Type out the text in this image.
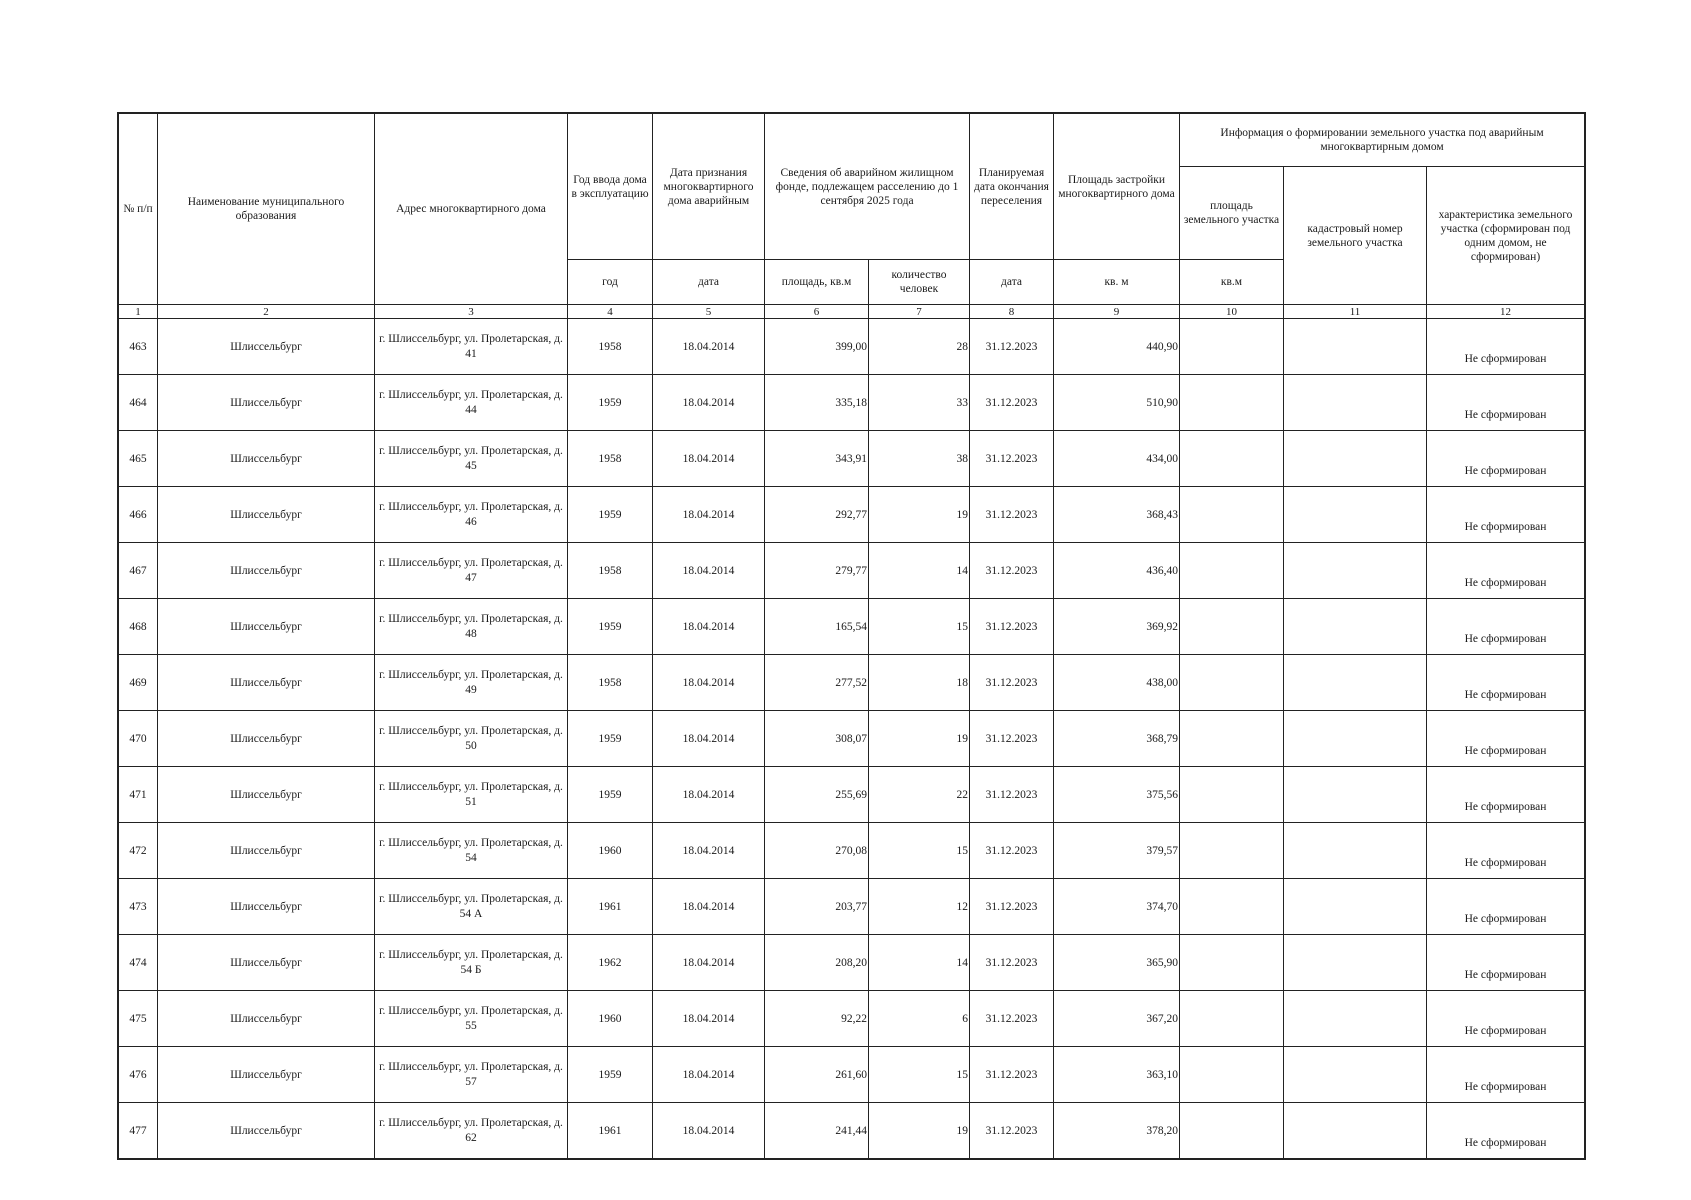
№ п/п	Наименование муниципального образования	Адрес многоквартирного дома	Год ввода дома в эксплуатацию	Дата признания многоквартирного дома аварийным	Сведения об аварийном жилищном фонде, подлежащем расселению до 1 сентября 2025 года		Планируемая дата окончания переселения	Площадь застройки многоквартирного дома	Информация о формировании земельного участка под аварийным многоквартирным домом		
									площадь земельного участка	кадастровый номер земельного участка	характеристика земельного участка (сформирован под одним домом, не сформирован)
			год	дата	площадь, кв.м	количество человек	дата	кв. м	кв.м		
1	2	3	4	5	6	7	8	9	10	11	12
463	Шлиссельбург	г. Шлиссельбург, ул. Пролетарская, д. 41	1958	18.04.2014	399,00	28	31.12.2023	440,90			Не сформирован
464	Шлиссельбург	г. Шлиссельбург, ул. Пролетарская, д. 44	1959	18.04.2014	335,18	33	31.12.2023	510,90			Не сформирован
465	Шлиссельбург	г. Шлиссельбург, ул. Пролетарская, д. 45	1958	18.04.2014	343,91	38	31.12.2023	434,00			Не сформирован
466	Шлиссельбург	г. Шлиссельбург, ул. Пролетарская, д. 46	1959	18.04.2014	292,77	19	31.12.2023	368,43			Не сформирован
467	Шлиссельбург	г. Шлиссельбург, ул. Пролетарская, д. 47	1958	18.04.2014	279,77	14	31.12.2023	436,40			Не сформирован
468	Шлиссельбург	г. Шлиссельбург, ул. Пролетарская, д. 48	1959	18.04.2014	165,54	15	31.12.2023	369,92			Не сформирован
469	Шлиссельбург	г. Шлиссельбург, ул. Пролетарская, д. 49	1958	18.04.2014	277,52	18	31.12.2023	438,00			Не сформирован
470	Шлиссельбург	г. Шлиссельбург, ул. Пролетарская, д. 50	1959	18.04.2014	308,07	19	31.12.2023	368,79			Не сформирован
471	Шлиссельбург	г. Шлиссельбург, ул. Пролетарская, д. 51	1959	18.04.2014	255,69	22	31.12.2023	375,56			Не сформирован
472	Шлиссельбург	г. Шлиссельбург, ул. Пролетарская, д. 54	1960	18.04.2014	270,08	15	31.12.2023	379,57			Не сформирован
473	Шлиссельбург	г. Шлиссельбург, ул. Пролетарская, д. 54 А	1961	18.04.2014	203,77	12	31.12.2023	374,70			Не сформирован
474	Шлиссельбург	г. Шлиссельбург, ул. Пролетарская, д. 54 Б	1962	18.04.2014	208,20	14	31.12.2023	365,90			Не сформирован
475	Шлиссельбург	г. Шлиссельбург, ул. Пролетарская, д. 55	1960	18.04.2014	92,22	6	31.12.2023	367,20			Не сформирован
476	Шлиссельбург	г. Шлиссельбург, ул. Пролетарская, д. 57	1959	18.04.2014	261,60	15	31.12.2023	363,10			Не сформирован
477	Шлиссельбург	г. Шлиссельбург, ул. Пролетарская, д. 62	1961	18.04.2014	241,44	19	31.12.2023	378,20			Не сформирован
